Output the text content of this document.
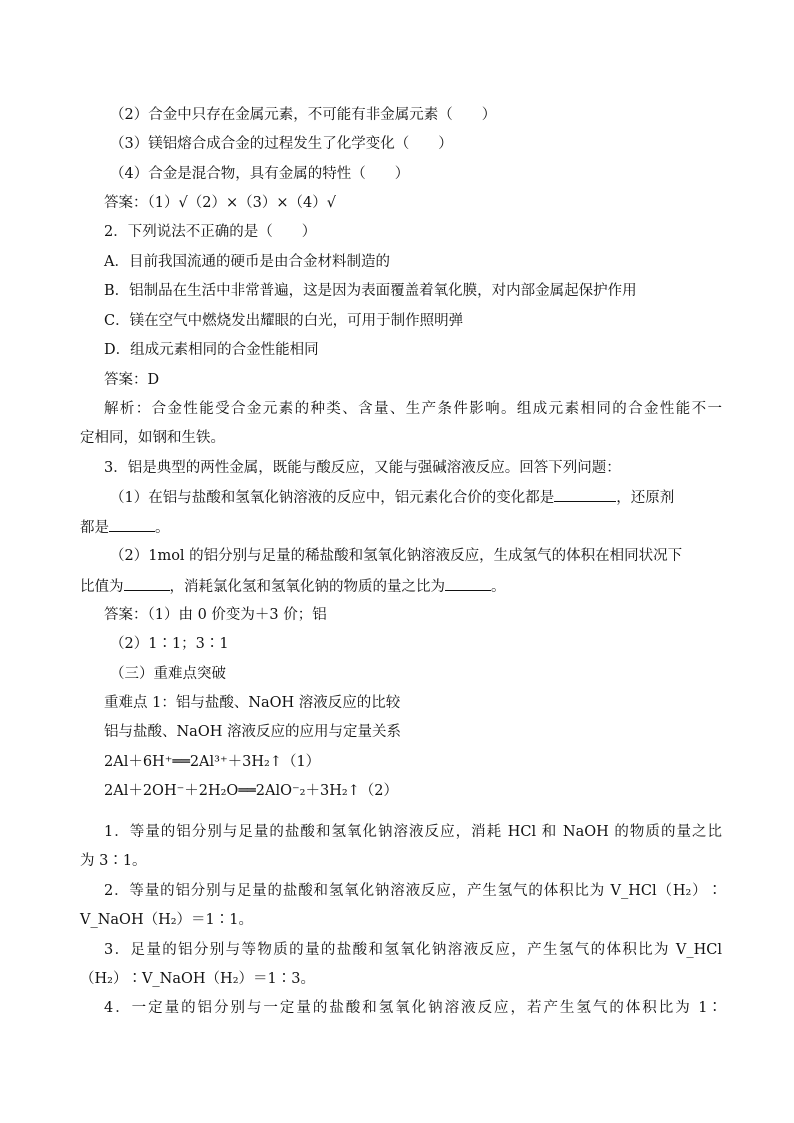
（2）合金中只存在金属元素，不可能有非金属元素（　　）
（3）镁铝熔合成合金的过程发生了化学变化（　　）
（4）合金是混合物，具有金属的特性（　　）
答案：（1）√（2）×（3）×（4）√
2．下列说法不正确的是（　　）
A．目前我国流通的硬币是由合金材料制造的
B．铝制品在生活中非常普遍，这是因为表面覆盖着氧化膜，对内部金属起保护作用
C．镁在空气中燃烧发出耀眼的白光，可用于制作照明弹
D．组成元素相同的合金性能相同
答案：D
解析：合金性能受合金元素的种类、含量、生产条件影响。组成元素相同的合金性能不一
定相同，如钢和生铁。
3．铝是典型的两性金属，既能与酸反应，又能与强碱溶液反应。回答下列问题：
（1）在铝与盐酸和氢氧化钠溶液的反应中，铝元素化合价的变化都是	，还原剂
都是	。
（2）1mol 的铝分别与足量的稀盐酸和氢氧化钠溶液反应，生成氢气的体积在相同状况下
比值为	，消耗氯化氢和氢氧化钠的物质的量之比为	。
答案：（1）由 0 价变为＋3 价；铝
（2）1∶1；3∶1
（三）重难点突破
重难点 1：铝与盐酸、NaOH 溶液反应的比较
铝与盐酸、NaOH 溶液反应的应用与定量关系
2Al＋6H⁺══2Al³⁺＋3H₂↑（1）
2Al＋2OH⁻＋2H₂O══2AlO⁻₂＋3H₂↑（2）
1．等量的铝分别与足量的盐酸和氢氧化钠溶液反应，消耗 HCl 和 NaOH 的物质的量之比
为 3∶1。
2．等量的铝分别与足量的盐酸和氢氧化钠溶液反应，产生氢气的体积比为 V_HCl（H₂）∶
V_NaOH（H₂）＝1∶1。
3．足量的铝分别与等物质的量的盐酸和氢氧化钠溶液反应，产生氢气的体积比为 V_HCl
（H₂）∶V_NaOH（H₂）＝1∶3。
4．一定量的铝分别与一定量的盐酸和氢氧化钠溶液反应，若产生氢气的体积比为 1∶
